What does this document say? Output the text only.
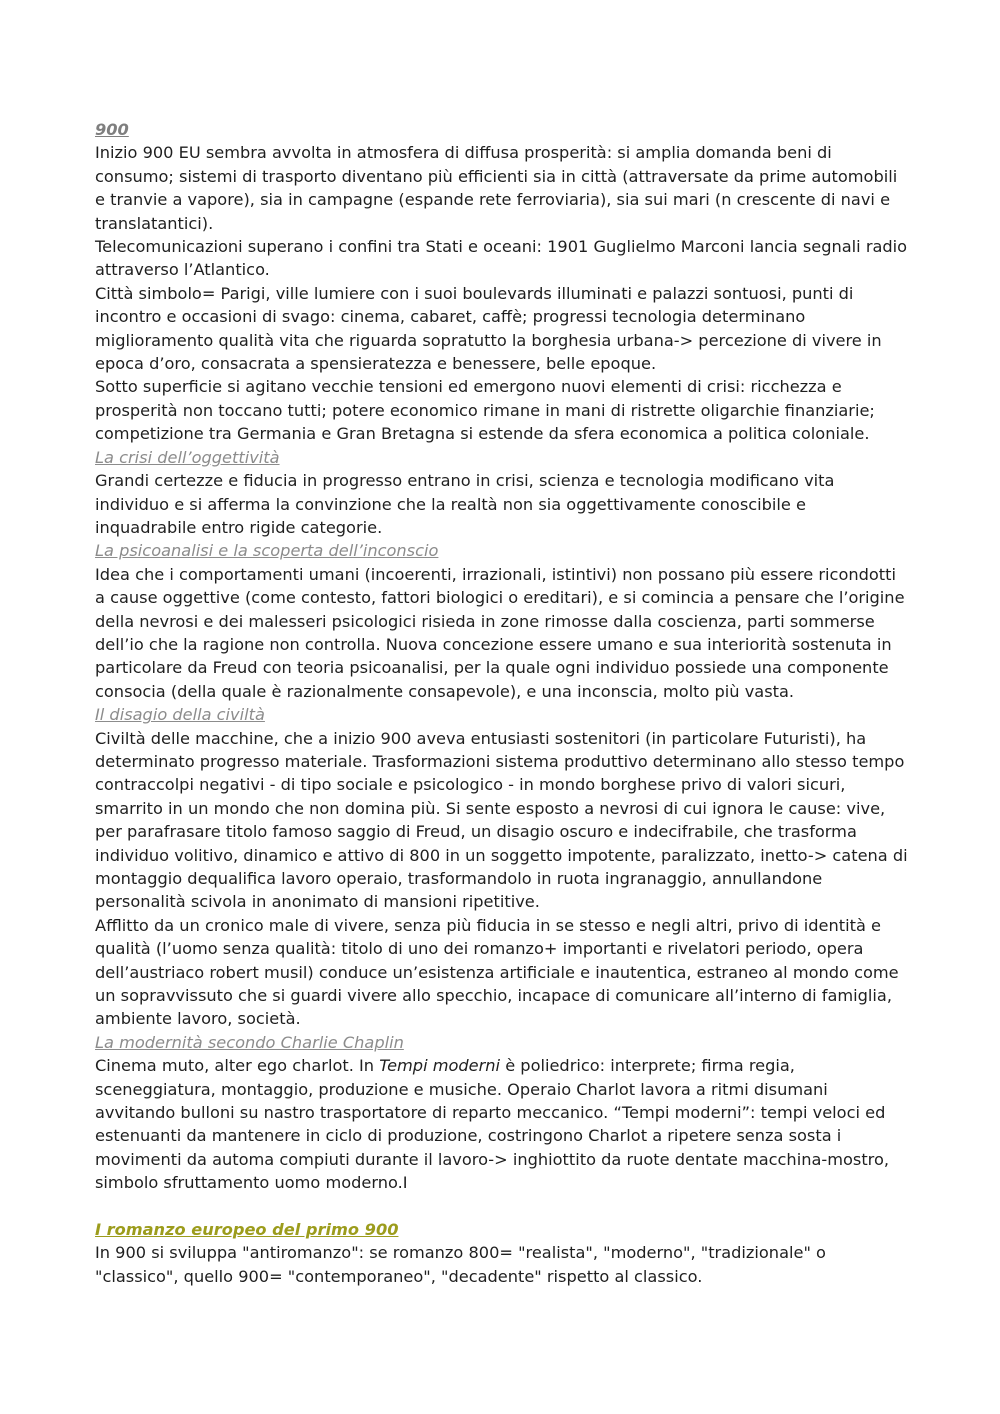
900

Inizio 900 EU sembra avvolta in atmosfera di diffusa prosperità: si amplia domanda beni di consumo; sistemi di trasporto diventano più efficienti sia in città (attraversate da prime automobili e tranvie a vapore), sia in campagne (espande rete ferroviaria), sia sui mari (n crescente di navi e translatantici).

Telecomunicazioni superano i confini tra Stati e oceani: 1901 Guglielmo Marconi lancia segnali radio attraverso l’Atlantico.

Città simbolo= Parigi, ville lumiere con i suoi boulevards illuminati e palazzi sontuosi, punti di incontro e occasioni di svago: cinema, cabaret, caffè; progressi tecnologia determinano miglioramento qualità vita che riguarda sopratutto la borghesia urbana-> percezione di vivere in epoca d’oro, consacrata a spensieratezza e benessere, belle epoque.

Sotto superficie si agitano vecchie tensioni ed emergono nuovi elementi di crisi: ricchezza e prosperità non toccano tutti; potere economico rimane in mani di ristrette oligarchie finanziarie; competizione tra Germania e Gran Bretagna si estende da sfera economica a politica coloniale.

La crisi dell’oggettività

Grandi certezze e fiducia in progresso entrano in crisi, scienza e tecnologia modificano vita individuo e si afferma la convinzione che la realtà non sia oggettivamente conoscibile e inquadrabile entro rigide categorie.

La psicoanalisi e la scoperta dell’inconscio

Idea che i comportamenti umani (incoerenti, irrazionali, istintivi) non possano più essere ricondotti a cause oggettive (come contesto, fattori biologici o ereditari), e si comincia a pensare che l’origine della nevrosi e dei malesseri psicologici risieda in zone rimosse dalla coscienza, parti sommerse dell’io che la ragione non controlla. Nuova concezione essere umano e sua interiorità sostenuta in particolare da Freud con teoria psicoanalisi, per la quale ogni individuo possiede una componente consocia (della quale è razionalmente consapevole), e una inconscia, molto più vasta.

Il disagio della civiltà

Civiltà delle macchine, che a inizio 900 aveva entusiasti sostenitori (in particolare Futuristi), ha determinato progresso materiale. Trasformazioni sistema produttivo determinano allo stesso tempo contraccolpi negativi - di tipo sociale e psicologico - in mondo borghese privo di valori sicuri, smarrito in un mondo che non domina più. Si sente esposto a nevrosi di cui ignora le cause: vive, per parafrasare titolo famoso saggio di Freud, un disagio oscuro e indecifrabile, che trasforma individuo volitivo, dinamico e attivo di 800 in un soggetto impotente, paralizzato, inetto-> catena di montaggio dequalifica lavoro operaio, trasformandolo in ruota ingranaggio, annullandone personalità scivola in anonimato di mansioni ripetitive.

Afflitto da un cronico male di vivere, senza più fiducia in se stesso e negli altri, privo di identità e qualità (l’uomo senza qualità: titolo di uno dei romanzo+ importanti e rivelatori periodo, opera dell’austriaco robert musil) conduce un’esistenza artificiale e inautentica, estraneo al mondo come un sopravvissuto che si guardi vivere allo specchio, incapace di comunicare all’interno di famiglia, ambiente lavoro, società.

La modernità secondo Charlie Chaplin

Cinema muto, alter ego charlot. In Tempi moderni è poliedrico: interprete; firma regia, sceneggiatura, montaggio, produzione e musiche. Operaio Charlot lavora a ritmi disumani avvitando bulloni su nastro trasportatore di reparto meccanico. “Tempi moderni”: tempi veloci ed estenuanti da mantenere in ciclo di produzione, costringono Charlot a ripetere senza sosta i movimenti da automa compiuti durante il lavoro-> inghiottito da ruote dentate macchina-mostro, simbolo sfruttamento uomo moderno.I

I romanzo europeo del primo 900

In 900 si sviluppa "antiromanzo": se romanzo 800= "realista", "moderno", "tradizionale" o "classico", quello 900= "contemporaneo", "decadente" rispetto al classico.
